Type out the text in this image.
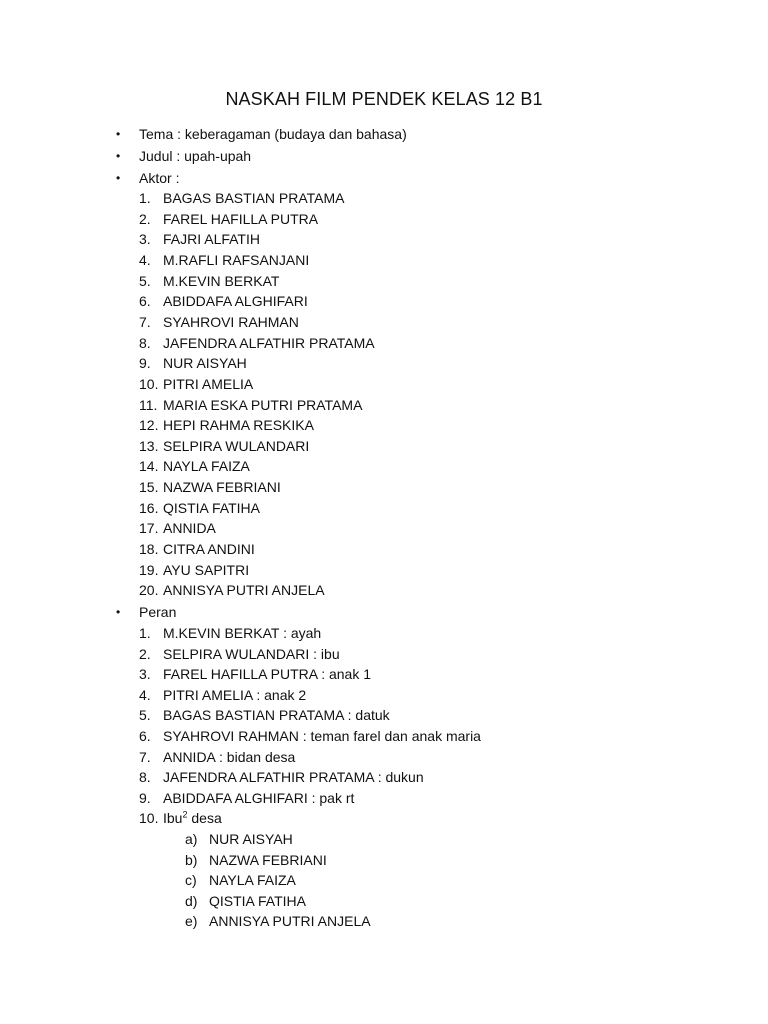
NASKAH FILM PENDEK KELAS 12 B1
• Tema : keberagaman (budaya dan bahasa)
• Judul : upah-upah
• Aktor :
1. BAGAS BASTIAN PRATAMA
2. FAREL HAFILLA PUTRA
3. FAJRI ALFATIH
4. M.RAFLI RAFSANJANI
5. M.KEVIN BERKAT
6. ABIDDAFA ALGHIFARI
7. SYAHROVI RAHMAN
8. JAFENDRA ALFATHIR PRATAMA
9. NUR AISYAH
10. PITRI AMELIA
11. MARIA ESKA PUTRI PRATAMA
12. HEPI RAHMA RESKIKA
13. SELPIRA WULANDARI
14. NAYLA FAIZA
15. NAZWA FEBRIANI
16. QISTIA FATIHA
17. ANNIDA
18. CITRA ANDINI
19. AYU SAPITRI
20. ANNISYA PUTRI ANJELA
• Peran
1. M.KEVIN BERKAT : ayah
2. SELPIRA WULANDARI : ibu
3. FAREL HAFILLA PUTRA : anak 1
4. PITRI AMELIA : anak 2
5. BAGAS BASTIAN PRATAMA : datuk
6. SYAHROVI RAHMAN : teman farel dan anak maria
7. ANNIDA : bidan desa
8. JAFENDRA ALFATHIR PRATAMA : dukun
9. ABIDDAFA ALGHIFARI : pak rt
10. Ibu$^2$ desa
a) NUR AISYAH
b) NAZWA FEBRIANI
c) NAYLA FAIZA
d) QISTIA FATIHA
e) ANNISYA PUTRI ANJELA
